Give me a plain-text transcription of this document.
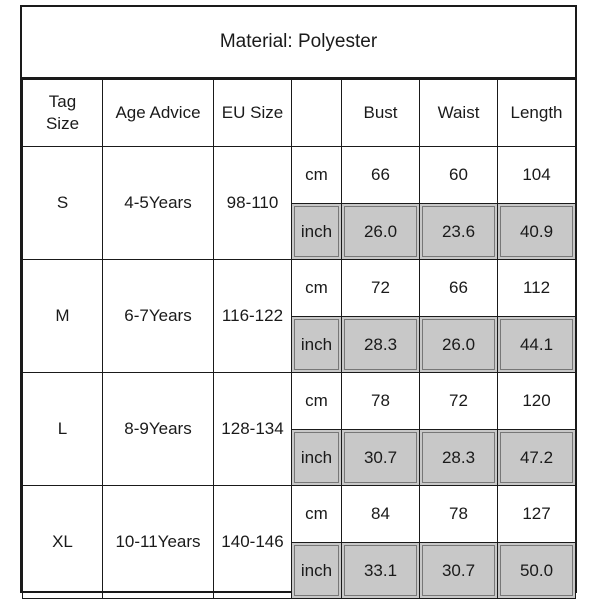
Material: Polyester
Tag Size	Age Advice	EU Size		Bust	Waist	Length
S	4-5Years	98-110	cm	66	60	104
			inch	26.0	23.6	40.9
M	6-7Years	116-122	cm	72	66	112
			inch	28.3	26.0	44.1
L	8-9Years	128-134	cm	78	72	120
			inch	30.7	28.3	47.2
XL	10-11Years	140-146	cm	84	78	127
			inch	33.1	30.7	50.0
